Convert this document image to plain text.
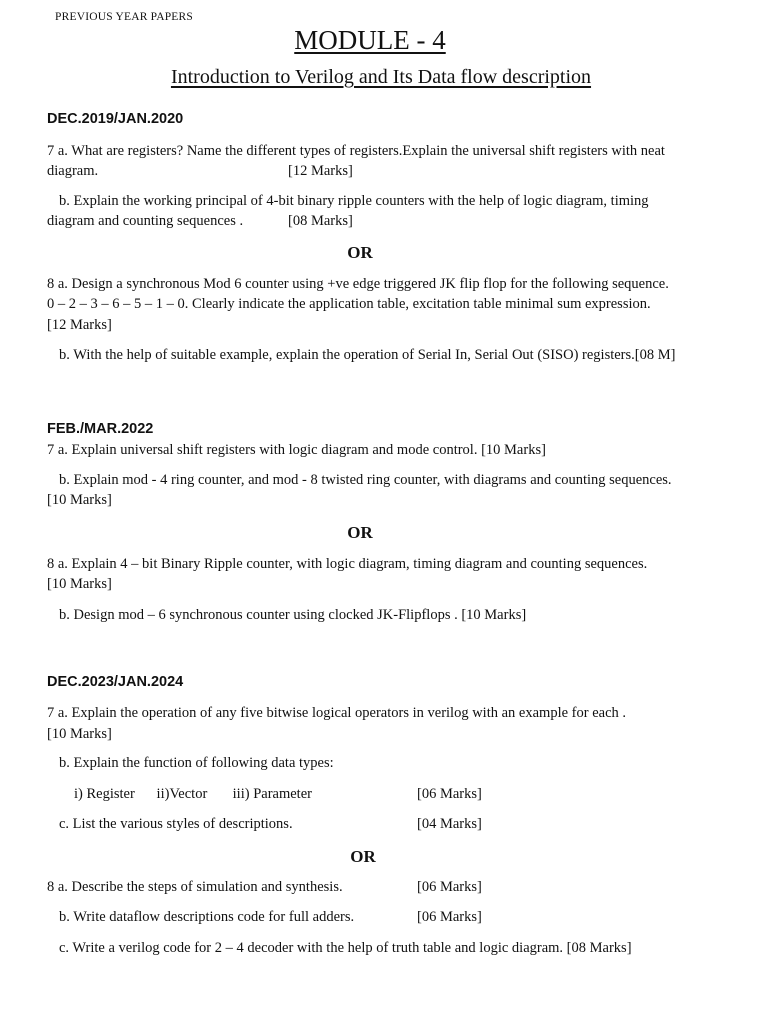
PREVIOUS YEAR PAPERS
MODULE - 4
Introduction to Verilog and Its Data flow description
DEC.2019/JAN.2020
7 a. What are registers? Name the different types of registers.Explain the universal shift registers with neat
diagram.	[12 Marks]
b. Explain the working principal of 4-bit binary ripple counters with the help of logic diagram, timing
diagram and counting sequences .	[08 Marks]
OR
8 a. Design a synchronous Mod 6 counter using +ve edge triggered JK flip flop for the following sequence.
0 – 2 – 3 – 6 – 5 – 1 – 0. Clearly indicate the application table, excitation table minimal sum expression.
[12 Marks]
b. With the help of suitable example, explain the operation of Serial In, Serial Out (SISO) registers.[08 M]
FEB./MAR.2022
7 a. Explain universal shift registers with logic diagram and mode control. [10 Marks]
b. Explain mod - 4 ring counter, and mod - 8 twisted ring counter, with diagrams and counting sequences.
[10 Marks]
OR
8 a. Explain 4 – bit Binary Ripple counter, with logic diagram, timing diagram and counting sequences.
[10 Marks]
b. Design mod – 6 synchronous counter using clocked JK-Flipflops . [10 Marks]
DEC.2023/JAN.2024
7 a. Explain the operation of any five bitwise logical operators in verilog with an example for each .
[10 Marks]
b. Explain the function of following data types:
i) Register      ii)Vector       iii) Parameter	[06 Marks]
c. List the various styles of descriptions.	[04 Marks]
OR
8 a. Describe the steps of simulation and synthesis.	[06 Marks]
b. Write dataflow descriptions code for full adders.	[06 Marks]
c. Write a verilog code for 2 – 4 decoder with the help of truth table and logic diagram. [08 Marks]
